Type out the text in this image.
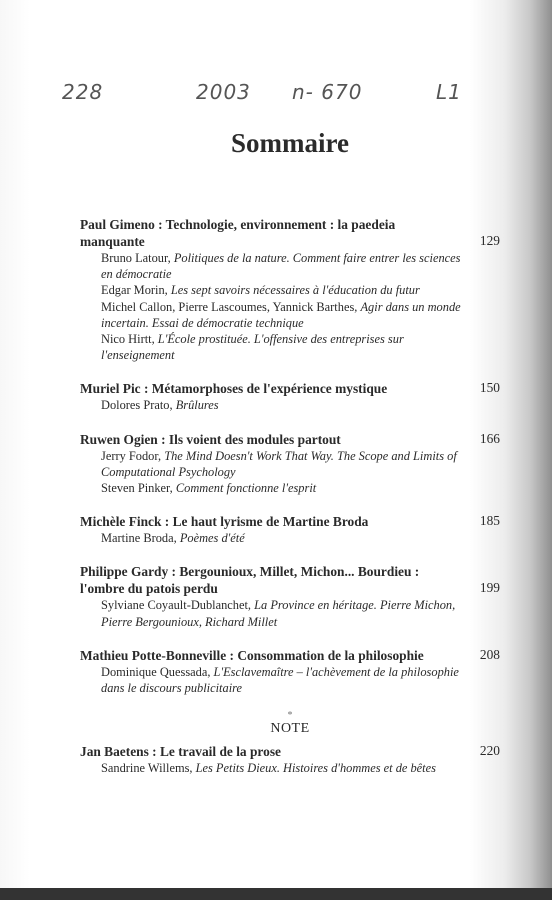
228	2003 n- 670	L1
Sommaire
Paul Gimeno : Technologie, environnement : la paedeia manquante	129
Bruno Latour, Politiques de la nature. Comment faire entrer les sciences en démocratie
Edgar Morin, Les sept savoirs nécessaires à l'éducation du futur
Michel Callon, Pierre Lascoumes, Yannick Barthes, Agir dans un monde incertain. Essai de démocratie technique
Nico Hirtt, L'École prostituée. L'offensive des entreprises sur l'enseignement
Muriel Pic : Métamorphoses de l'expérience mystique	150
Dolores Prato, Brûlures
Ruwen Ogien : Ils voient des modules partout	166
Jerry Fodor, The Mind Doesn't Work That Way. The Scope and Limits of Computational Psychology
Steven Pinker, Comment fonctionne l'esprit
Michèle Finck : Le haut lyrisme de Martine Broda	185
Martine Broda, Poèmes d'été
Philippe Gardy : Bergounioux, Millet, Michon... Bourdieu : l'ombre du patois perdu	199
Sylviane Coyault-Dublanchet, La Province en héritage. Pierre Michon, Pierre Bergounioux, Richard Millet
Mathieu Potte-Bonneville : Consommation de la philosophie	208
Dominique Quessada, L'Esclavemaître – l'achèvement de la philosophie dans le discours publicitaire
*
NOTE
Jan Baetens : Le travail de la prose	220
Sandrine Willems, Les Petits Dieux. Histoires d'hommes et de bêtes
